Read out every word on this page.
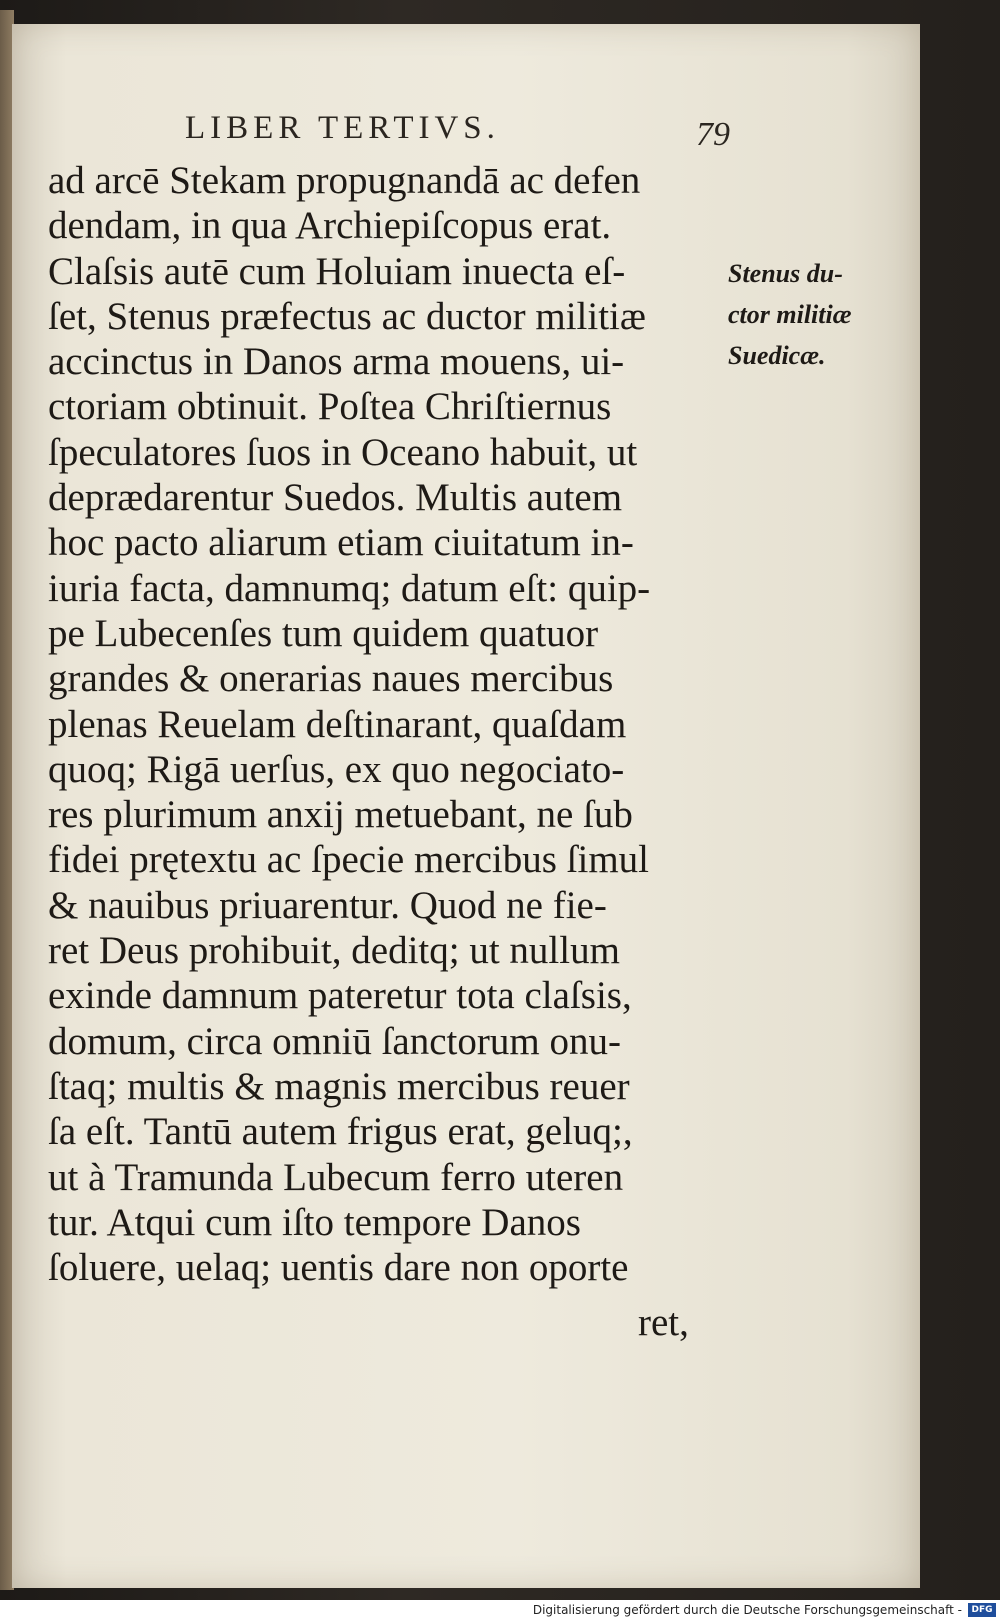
LIBER TERTIVS.	79
ad arcē Stekam propugnandā ac defen
dendam, in qua Archiepiſcopus erat.
Claſsis autē cum Holuiam inuecta eſ-
ſet, Stenus præfectus ac ductor militiæ
accinctus in Danos arma mouens, ui-
ctoriam obtinuit. Poſtea Chriſtiernus
ſpeculatores ſuos in Oceano habuit, ut
deprædarentur Suedos. Multis autem
hoc pacto aliarum etiam ciuitatum in-
iuria facta, damnumq; datum eſt: quip-
pe Lubecenſes tum quidem quatuor
grandes & onerarias naues mercibus
plenas Reuelam deſtinarant, quaſdam
quoq; Rigā uerſus, ex quo negociato-
res plurimum anxij metuebant, ne ſub
fidei prętextu ac ſpecie mercibus ſimul
& nauibus priuarentur. Quod ne fie-
ret Deus prohibuit, deditq; ut nullum
exinde damnum pateretur tota claſsis,
domum, circa omniū ſanctorum onu-
ſtaq; multis & magnis mercibus reuer
ſa eſt. Tantū autem frigus erat, geluq;,
ut à Tramunda Lubecum ferro uteren
tur. Atqui cum iſto tempore Danos
ſoluere, uelaq; uentis dare non oporte
ret,
Stenus du-
ctor militiæ
Suedicæ.
Digitalisierung gefördert durch die Deutsche Forschungsgemeinschaft -	DFG
